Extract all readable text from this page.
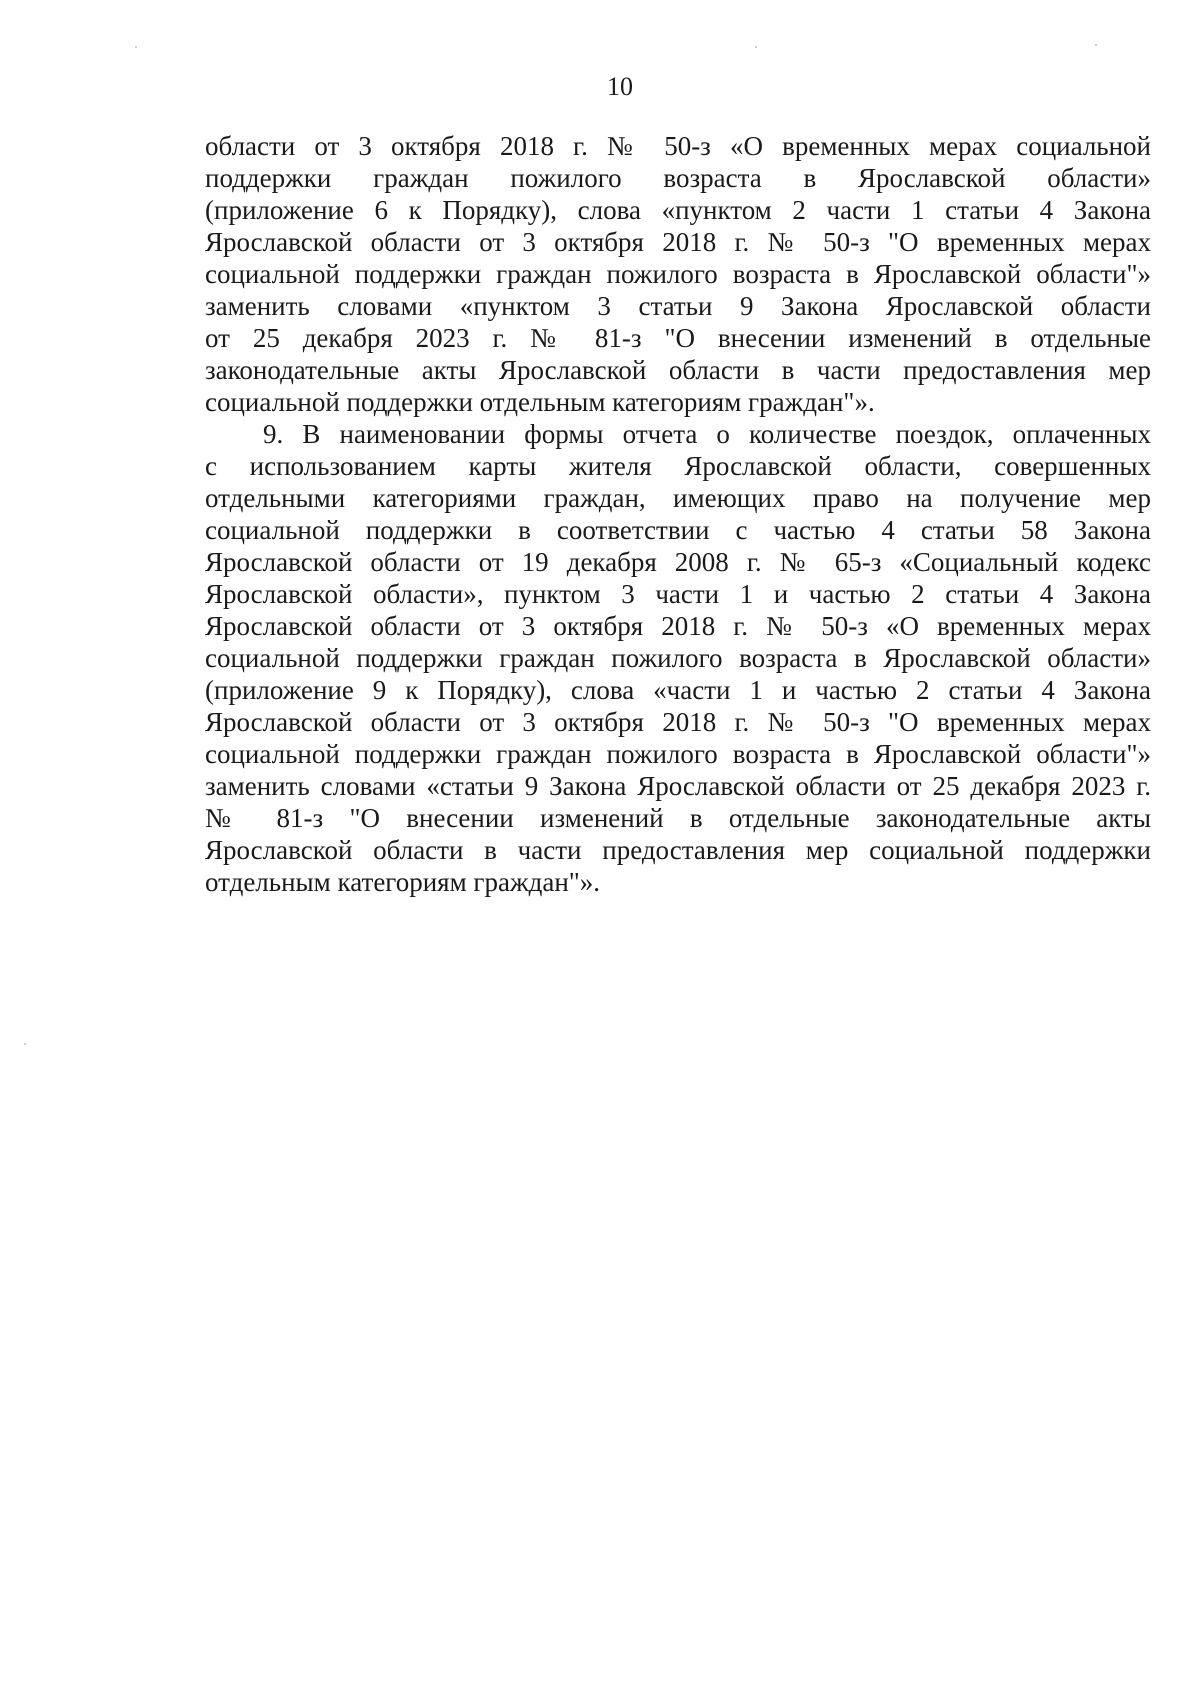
10

области от 3 октября 2018 г. № 50-з «О временных мерах социальной
поддержки граждан пожилого возраста в Ярославской области»
(приложение 6 к Порядку), слова «пунктом 2 части 1 статьи 4 Закона
Ярославской области от 3 октября 2018 г. № 50-з "О временных мерах
социальной поддержки граждан пожилого возраста в Ярославской области"»
заменить словами «пунктом 3 статьи 9 Закона Ярославской области
от 25 декабря 2023 г. № 81-з "О внесении изменений в отдельные
законодательные акты Ярославской области в части предоставления мер
социальной поддержки отдельным категориям граждан"».

9. В наименовании формы отчета о количестве поездок, оплаченных
с использованием карты жителя Ярославской области, совершенных
отдельными категориями граждан, имеющих право на получение мер
социальной поддержки в соответствии с частью 4 статьи 58 Закона
Ярославской области от 19 декабря 2008 г. № 65-з «Социальный кодекс
Ярославской области», пунктом 3 части 1 и частью 2 статьи 4 Закона
Ярославской области от 3 октября 2018 г. № 50-з «О временных мерах
социальной поддержки граждан пожилого возраста в Ярославской области»
(приложение 9 к Порядку), слова «части 1 и частью 2 статьи 4 Закона
Ярославской области от 3 октября 2018 г. № 50-з "О временных мерах
социальной поддержки граждан пожилого возраста в Ярославской области"»
заменить словами «статьи 9 Закона Ярославской области от 25 декабря 2023 г.
№ 81-з "О внесении изменений в отдельные законодательные акты
Ярославской области в части предоставления мер социальной поддержки
отдельным категориям граждан"».
